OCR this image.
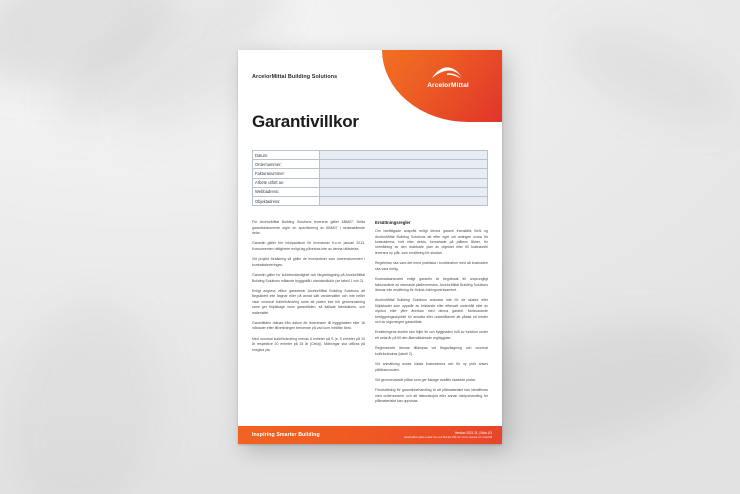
ArcelorMittal Building Solutions
ArcelorMittal
Garantivillkor
Datum:	
Ordernummer:	
Fakturanummer:	
Arbete utfört av:	
Webbadress:	
Objektadress:	

För ArcelorMittal Building Solutions levererar gäller ABM07. Detta garantidokumente utgör en specificering av ABM07 i nedanstående delar.

Garantin gäller förr inköpsdatum för leveranser fr.o.m. januari 2013. Konsumenten rättigheter enligt lag påverkas inte av denna utfästelse.

Vid projekt försäkring så gäller de leverantörer som överenskommen i kontraktsleveringen.

Garantin gäller for kulörbeständighet och färgavflagning på ArcelorMittal Building Solutions målande byggpalåt i standardkulör (se tabell 1 och 2).

Enligt angivna villkor garanterar ArcelorMittal Building Solutions att färgskiktet inte flagnar eller på annat sätt vandersätter och inte heller visar onormal kulörförändring samt att platen inte blir genomrostning samt ger följdskage inom garantitiden, så kallade fabrikations- och materialfel.

Garantitiden räknas från datum för leveransen till byggplatsen eller 16 månader efter tillverkningen beroende på vad som inträffar först.

Med onormal kulörförändring menas 6 enheter på S (e. δ enheter på 10 år respektive 20 enheter på 15 år (Ciela)). Mätningar ska utföras på ensgiva yta.

Ersättningsregler

Om berättigade anspråk enligt denna garanti framställs föröl og ArcelorMittal Building Solutions att efter eget val antingen svara för kostnaderna, helt eller delvis, bemanade på plåtens åldrer, för ommålning av den drabbade ytan av objektet eller till kostnadsfri leverans ny plåt, som ersättning för skadan.

Regelerlan ska vara det mest praktiska i kombination med att kostnaden ska vara rimlig.

Kostnadsansvaret enligt garantin är begränsat till ursprungligt fakturavärde av närmaste platlevererans. ArcelorMittal Building Solutions lämnar inte ersättning för förlust-/näringsverksamhet.

ArcelorMittal Building Solutions ansvarar inte för de skador eller följdskader som uppstår av bristande eller eftersatt underhåll eller av olyckor eller yttre åverkan med denna garanti. Motsvarande beräggningsskyddet för ansatta eller underlåtande att påtala ett brister och av utgivningen garantitida.

Ersättningens storlek kan följer till och byggnaden fullt av funktion under ett antal år på till den åtarndläderade regläggdan.

Reglerarbete lämnar tillämpas vid färgavflagning och onormal kulörforändras (tabell 2).

Vid anmällning avses lokala kostnaderna och för ny yrdir anses påtlänsmosden.

Vid genomrostade plåtar som ger åskage avsåtts skadade platar.

Förutsättning för garantinbehandling är att plåtmaterialet kan identifieras med ordernummer och att fakturakopia eller annan inköpshandling för plåtmaterialet kan uppvisas.

Inspiring Smarter Building	Version 2021-11 | Sida 1/3
Garantivillkor gäller endast hus med Brandsc Plåt och vid av material och underhåll
